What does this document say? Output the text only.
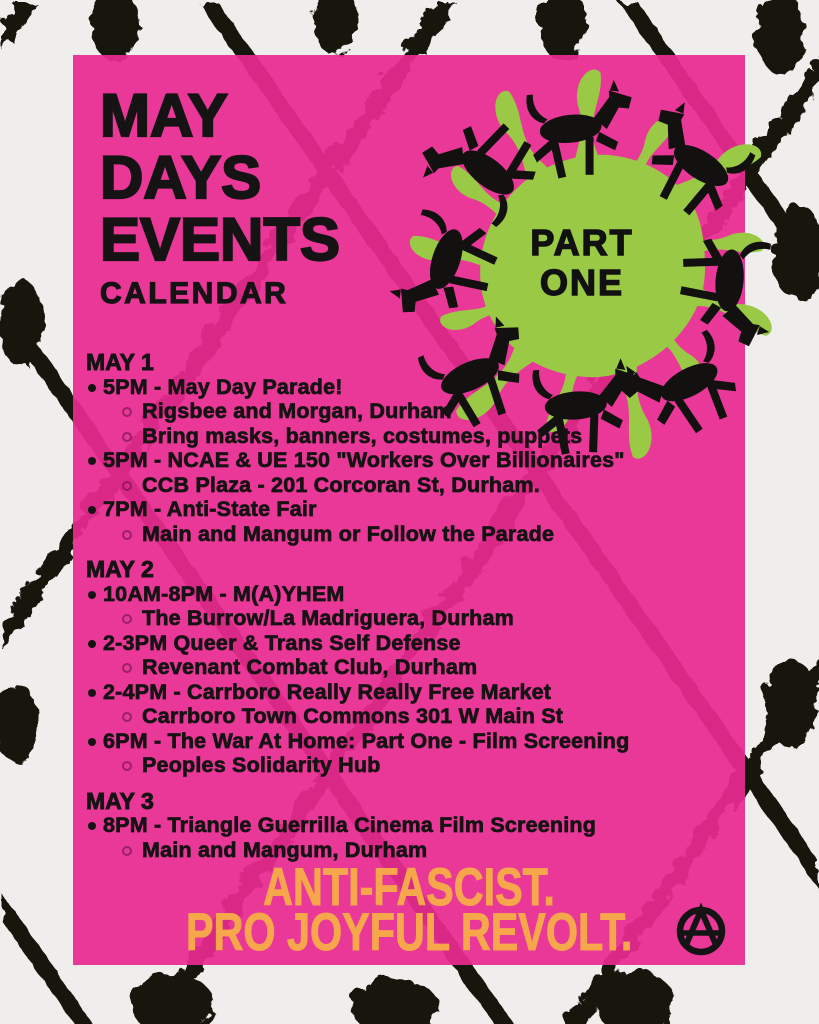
MAY
DAYS
EVENTS
CALENDAR
PART
ONE
MAY 1
5PM - May Day Parade!
Rigsbee and Morgan, Durham
Bring masks, banners, costumes, puppets
5PM - NCAE & UE 150 "Workers Over Billionaires"
CCB Plaza - 201 Corcoran St, Durham.
7PM - Anti-State Fair
Main and Mangum or Follow the Parade
MAY 2
10AM-8PM - M(A)YHEM
The Burrow/La Madriguera, Durham
2-3PM Queer & Trans Self Defense
Revenant Combat Club, Durham
2-4PM - Carrboro Really Really Free Market
Carrboro Town Commons 301 W Main St
6PM - The War At Home: Part One - Film Screening
Peoples Solidarity Hub
MAY 3
8PM - Triangle Guerrilla Cinema Film Screening
Main and Mangum, Durham
ANTI-FASCIST.
PRO JOYFUL REVOLT.
